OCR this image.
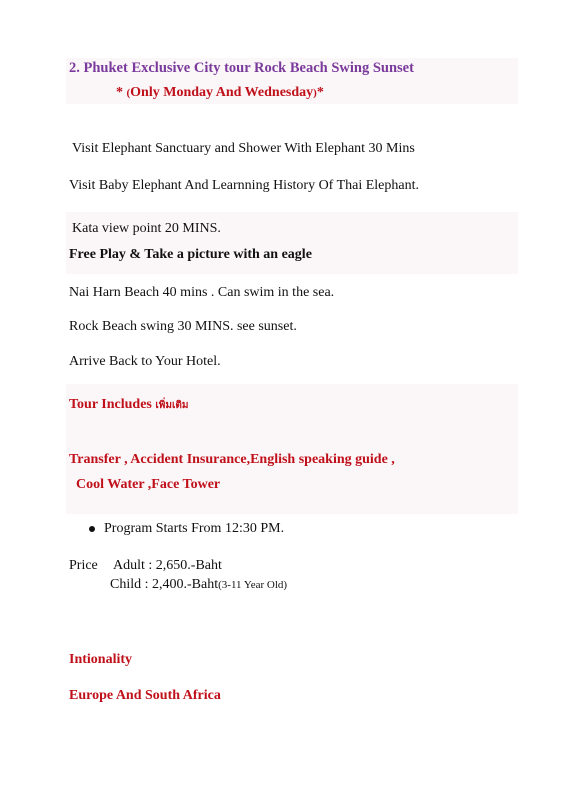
2. Phuket Exclusive City tour Rock Beach Swing Sunset
* (Only Monday And Wednesday)*
Visit Elephant Sanctuary and Shower With Elephant 30 Mins
Visit Baby Elephant And Learnning History Of Thai Elephant.
Kata view point 20 MINS.
Free Play & Take a picture with an eagle
Nai Harn Beach 40 mins . Can swim in the sea.
Rock Beach swing 30 MINS. see sunset.
Arrive Back to Your Hotel.
Tour Includes เพิ่มเติม
Transfer , Accident Insurance,English speaking guide ,
Cool Water ,Face Tower
Program Starts From 12:30 PM.
Price Adult : 2,650.-Baht
Child : 2,400.-Baht(3-11 Year Old)
Intionality
Europe And South Africa
